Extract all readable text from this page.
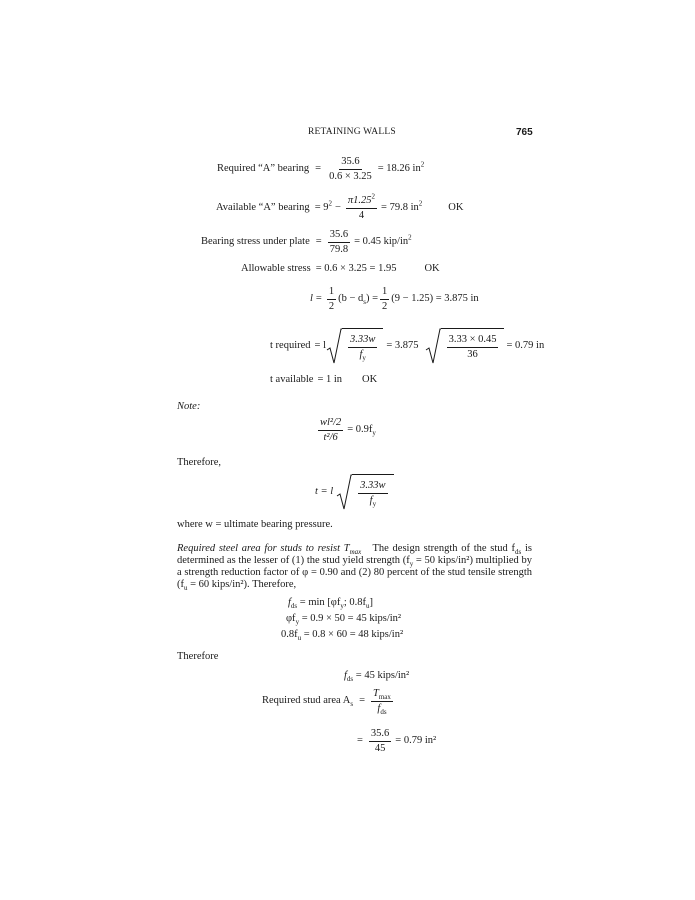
RETAINING WALLS	765
Required “A” bearing = $\frac{35.6}{0.6 \times 3.25} = 18.26$ $in^2$
Available “A” bearing = $9^2 - \frac{\pi 1.25^2}{4} = 79.8$ $in^2$ OK
Bearing stress under plate = $\frac{35.6}{79.8} = 0.45$ kip/$in^2$
Allowable stress = 0.6 × 3.25 = 1.95	OK
$l = \frac{1}{2} (b - d_s) = \frac{1}{2} (9 - 1.25) = 3.875$ in
t required = l $\frac{3.33w}{f_y} = 3.875$	$\frac{3.33 \times 0.45}{36} = 0.79$ in
t available = 1 in OK
Note:
$\frac{\text{wl²/2}}{\text{t²/6}} = 0.9f_y$
Therefore,
t = l $\frac{3.33w}{f_y}$
where w = ultimate bearing pressure.
Required steel area for studs to resist $T_{max}$ The design strength of the stud $f_{ds}$ is determined as the lesser of (1) the stud yield strength ($f_y = 50$ kips/in²) multiplied by a strength reduction factor of φ = 0.90 and (2) 80 percent of the stud tensile strength ($f_u = 60$ kips/in²). Therefore,
$f_{ds} = \min [\varphi f_y$; $0.8f_u$]
$\varphi f_y = 0.9 \times 50 = 45$ kips/in²
$0.8f_u = 0.8 \times 60 = 48$ kips/in²
Therefore
$f_{ds} = 45$ kips/in²
Required stud area $A_s = \frac{T_{max}}{f_{ds}}$
= $\frac{35.6}{45} = 0.79$ in²
